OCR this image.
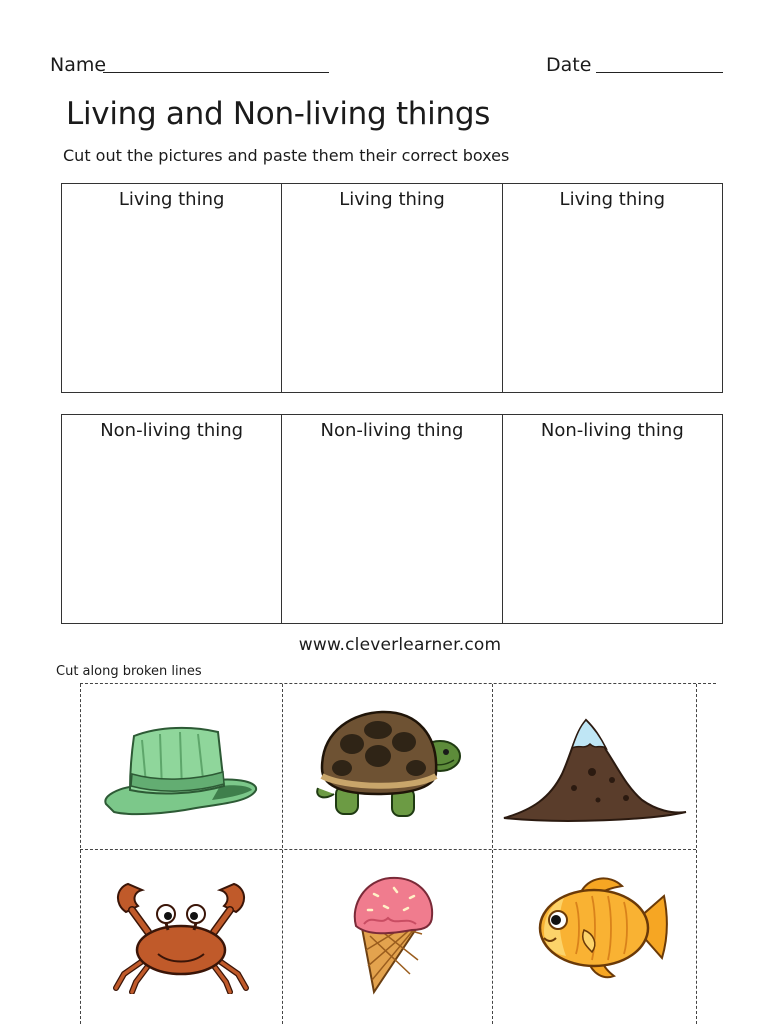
Name	Date
Living and Non-living things
Cut out the pictures and paste them their correct boxes
Living thing	Living thing	Living thing
Non-living thing	Non-living thing	Non-living thing
www.cleverlearner.com
Cut along broken lines
